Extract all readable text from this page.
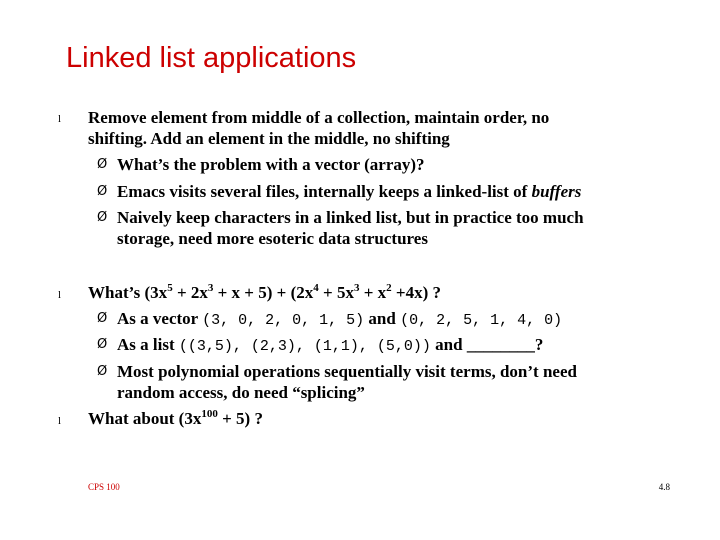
Linked list applications
l Remove element from middle of a collection, maintain order, no
shifting. Add an element in the middle, no shifting
Ø What’s the problem with a vector (array)?
Ø Emacs visits several files, internally keeps a linked-list of buffers
Ø Naively keep characters in a linked list, but in practice too much
storage, need more esoteric data structures
l What’s $(3x^5 + 2x^3 + x + 5) + (2x^4 + 5x^3 + x^2 +4x)$ ?
Ø As a vector (3, 0, 2, 0, 1, 5) and (0, 2, 5, 1, 4, 0)
Ø As a list ((3,5), (2,3), (1,1), (5,0)) and ________?
Ø Most polynomial operations sequentially visit terms, don’t need
random access, do need “splicing”
l What about $(3x^{100} + 5)$ ?
CPS 100	4.8
